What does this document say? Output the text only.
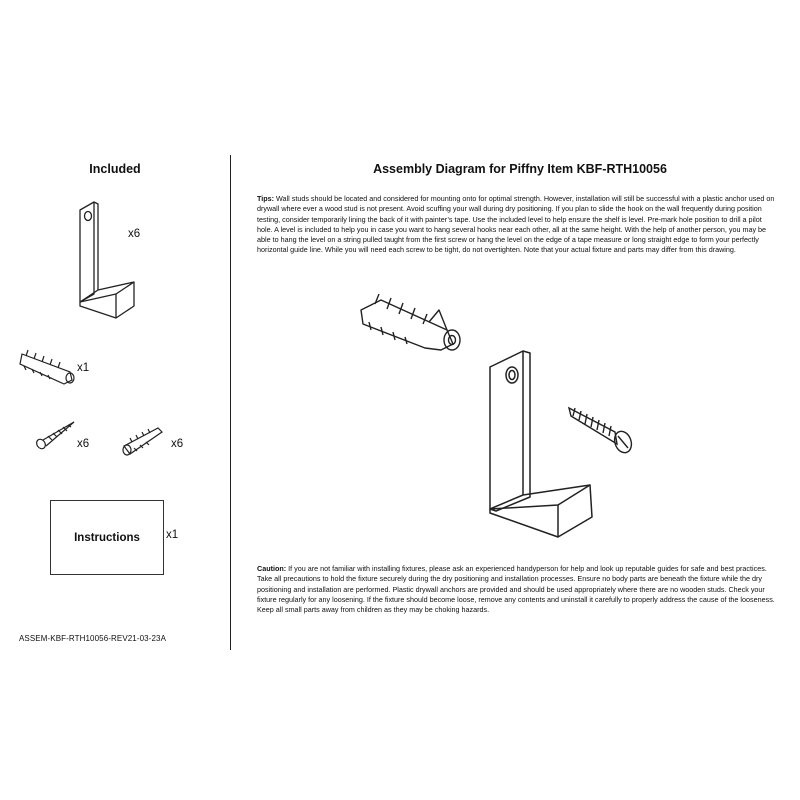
Included
x6
x1
x6	x6
Instructions x1
ASSEM-KBF-RTH10056-REV21-03-23A
Assembly Diagram for Piffny Item KBF-RTH10056
Tips: Wall studs should be located and considered for mounting onto for optimal strength. However, installation will still be successful with a plastic anchor used on drywall where ever a wood stud is not present. Avoid scuffing your wall during dry positioning. If you plan to slide the hook on the wall frequently during position testing, consider temporarily lining the back of it with painter’s tape. Use the included level to help ensure the shelf is level. Pre-mark hole position to drill a pilot hole. A level is included to help you in case you want to hang several hooks near each other, all at the same height. With the help of another person, you may be able to hang the level on a string pulled taught from the first screw or hang the level on the edge of a tape measure or long straight edge to form your perfectly horizontal guide line. While you will need each screw to be tight, do not overtighten. Note that your actual fixture and parts may differ from this drawing.
Caution: If you are not familiar with installing fixtures, please ask an experienced handyperson for help and look up reputable guides for safe and best practices. Take all precautions to hold the fixture securely during the dry positioning and installation processes. Ensure no body parts are beneath the fixture while the dry positioning and installation are performed. Plastic drywall anchors are provided and should be used appropriately where there are no wooden studs. Check your fixture regularly for any loosening. If the fixture should become loose, remove any contents and uninstall it carefully to properly address the cause of the looseness. Keep all small parts away from children as they may be choking hazards.
